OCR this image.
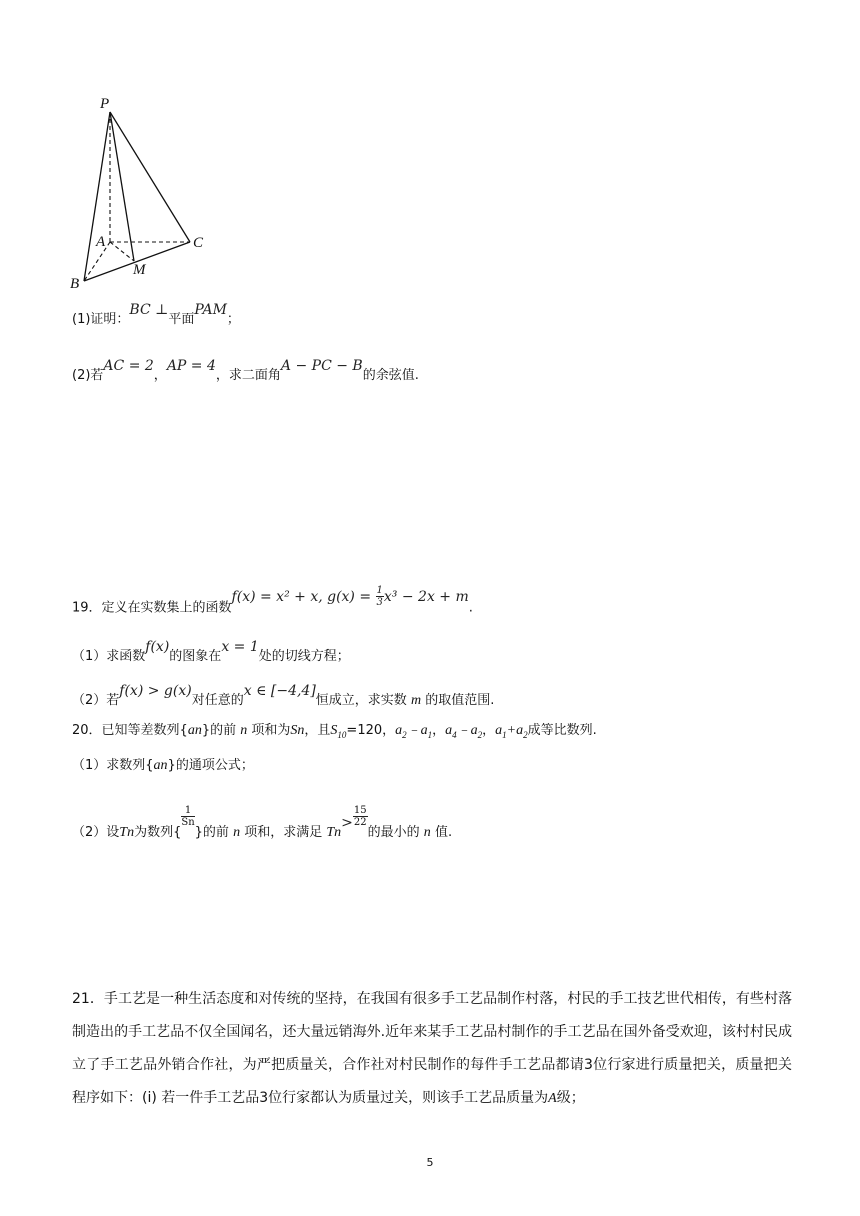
P
A	C
B
M
(1)证明：BC ⊥平面PAM；
(2)若AC = 2，AP = 4，求二面角A − PC − B的余弦值.
19．定义在实数集上的函数f(x) = x² + x, $g(x) = \frac{1}{3} x^3 - 2x + m$.
（1）求函数f(x)的图象在x = 1处的切线方程；
（2）若f(x) > g(x)对任意的x ∈ [−4,4]恒成立，求实数 m 的取值范围.
20．已知等差数列{an}的前 n 项和为Sn，且$S_{10}=120$，$a_2﹣a_1$，$a_4﹣a_2$，$a_1+a_2$成等比数列.
（1）求数列{an}的通项公式；
（2）设Tn为数列{
$\frac{1}{Sn}$
}的前 n 项和，求满足 $Tn> \frac{15}{22}$
的最小的 n 值.
21．手工艺是一种生活态度和对传统的坚持，在我国有很多手工艺品制作村落，村民的手工技艺世代相传，有些村落制造出的手工艺品不仅全国闻名，还大量远销海外.近年来某手工艺品村制作的手工艺品在国外备受欢迎，该村村民成立了手工艺品外销合作社，为严把质量关，合作社对村民制作的每件手工艺品都请3位行家进行质量把关，质量把关程序如下：(i) 若一件手工艺品3位行家都认为质量过关，则该手工艺品质量为A级；
5
